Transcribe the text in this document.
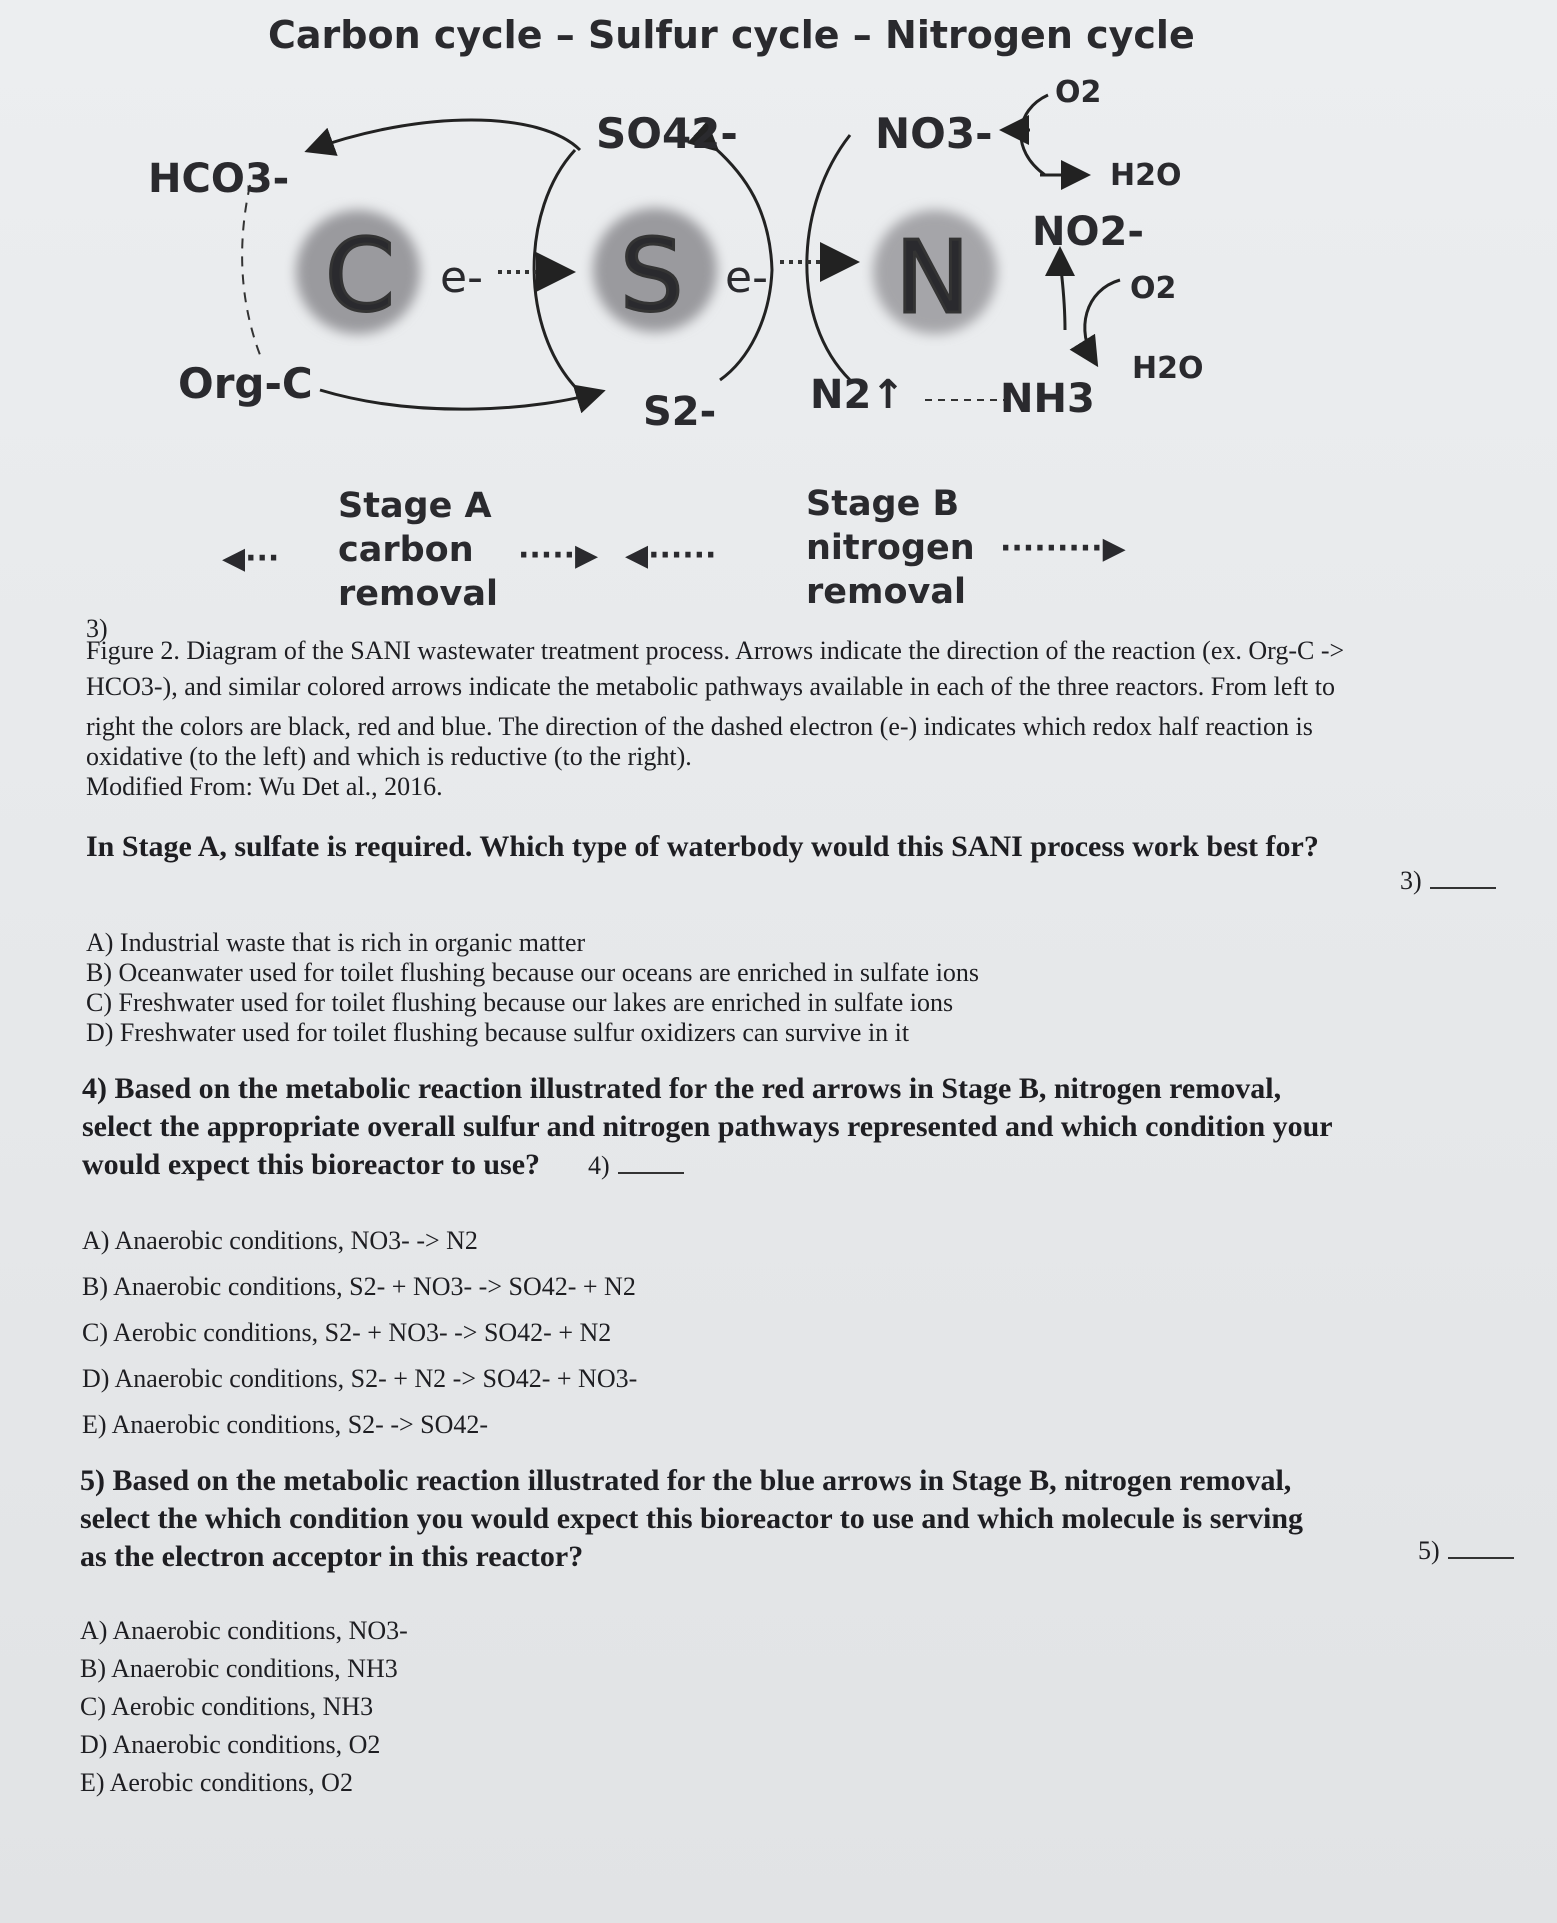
Carbon cycle – Sulfur cycle – Nitrogen cycle
C S N
e-	e-
HCO3-
Org-C
SO42-
S2-
NO3-
NO2-
N2↑ NH3
O2
H2O
O2
H2O
◀···	·····▶ ◀······	·········▶
Stage A
carbon
removal
Stage B
nitrogen
removal
3)
Figure 2. Diagram of the SANI wastewater treatment process. Arrows indicate the direction of the reaction (ex. Org-C ->
HCO3-), and similar colored arrows indicate the metabolic pathways available in each of the three reactors. From left to
right the colors are black, red and blue. The direction of the dashed electron (e-) indicates which redox half reaction is
oxidative (to the left) and which is reductive (to the right).
Modified From: Wu Det al., 2016.
In Stage A, sulfate is required. Which type of waterbody would this SANI process work best for?
3)
A) Industrial waste that is rich in organic matter
B) Oceanwater used for toilet flushing because our oceans are enriched in sulfate ions
C) Freshwater used for toilet flushing because our lakes are enriched in sulfate ions
D) Freshwater used for toilet flushing because sulfur oxidizers can survive in it
4) Based on the metabolic reaction illustrated for the red arrows in Stage B, nitrogen removal,
select the appropriate overall sulfur and nitrogen pathways represented and which condition your
would expect this bioreactor to use? 4)
A) Anaerobic conditions, NO3- -> N2
B) Anaerobic conditions, S2- + NO3- -> SO42- + N2
C) Aerobic conditions, S2- + NO3- -> SO42- + N2
D) Anaerobic conditions, S2- + N2 -> SO42- + NO3-
E) Anaerobic conditions, S2- -> SO42-
5) Based on the metabolic reaction illustrated for the blue arrows in Stage B, nitrogen removal,
select the which condition you would expect this bioreactor to use and which molecule is serving
as the electron acceptor in this reactor?	5)
A) Anaerobic conditions, NO3-
B) Anaerobic conditions, NH3
C) Aerobic conditions, NH3
D) Anaerobic conditions, O2
E) Aerobic conditions, O2
